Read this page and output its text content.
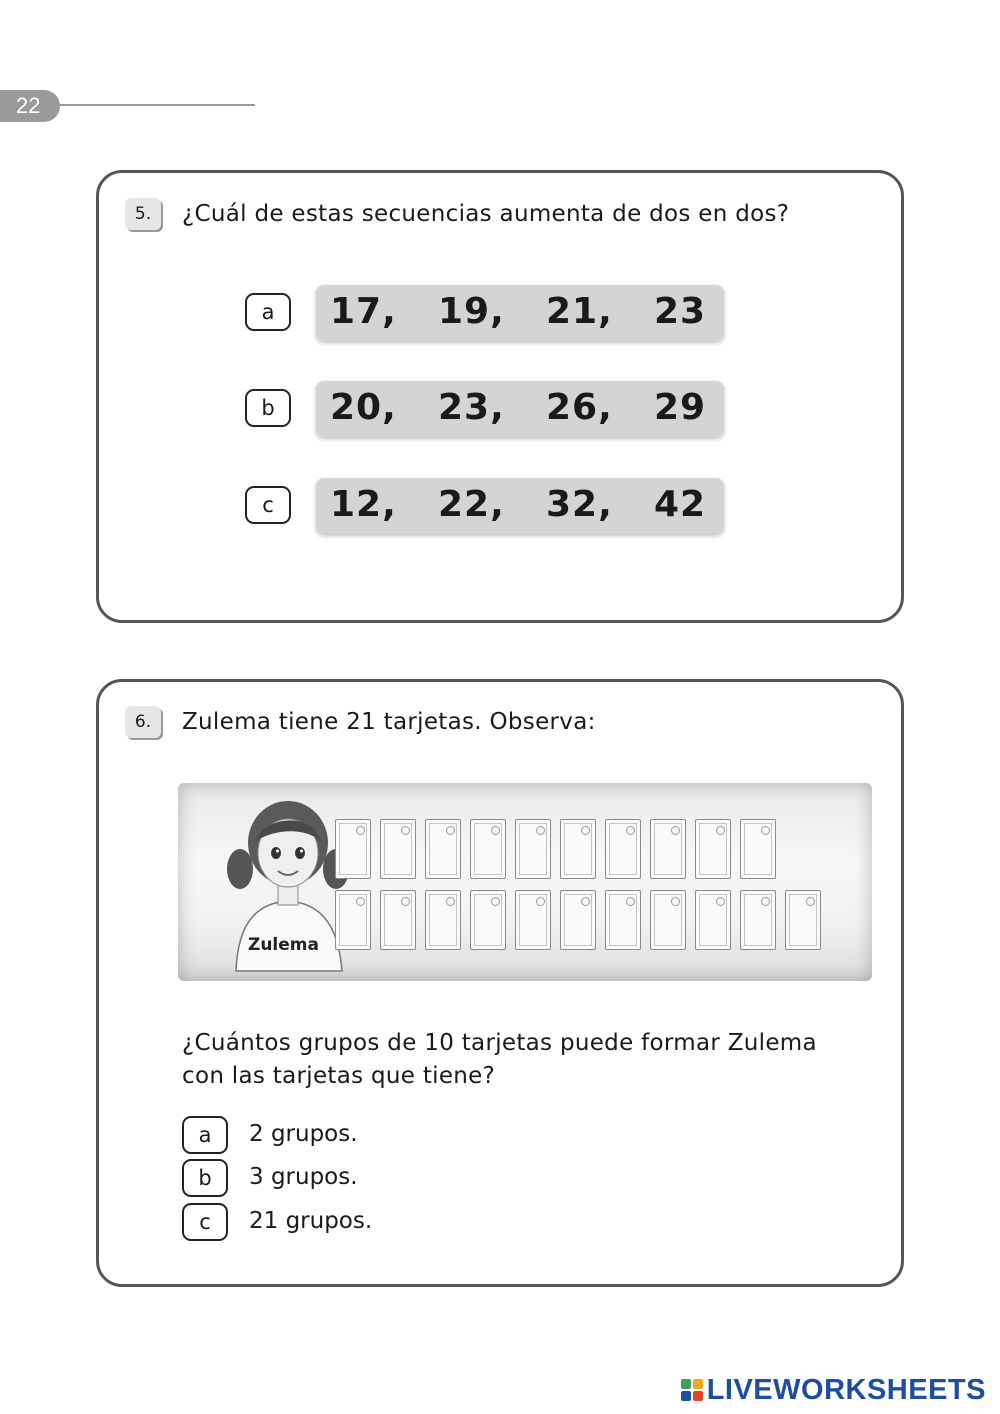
22
5.	¿Cuál de estas secuencias aumenta de dos en dos?
a	17, 19, 21, 23
b	20, 23, 26, 29
c	12, 22, 32, 42
6.	Zulema tiene 21 tarjetas. Observa:
¿Cuántos grupos de 10 tarjetas puede formar Zulema
con las tarjetas que tiene?
a	2 grupos.
b	3 grupos.
c	21 grupos.
Zulema
LIVEWORKSHEETS
